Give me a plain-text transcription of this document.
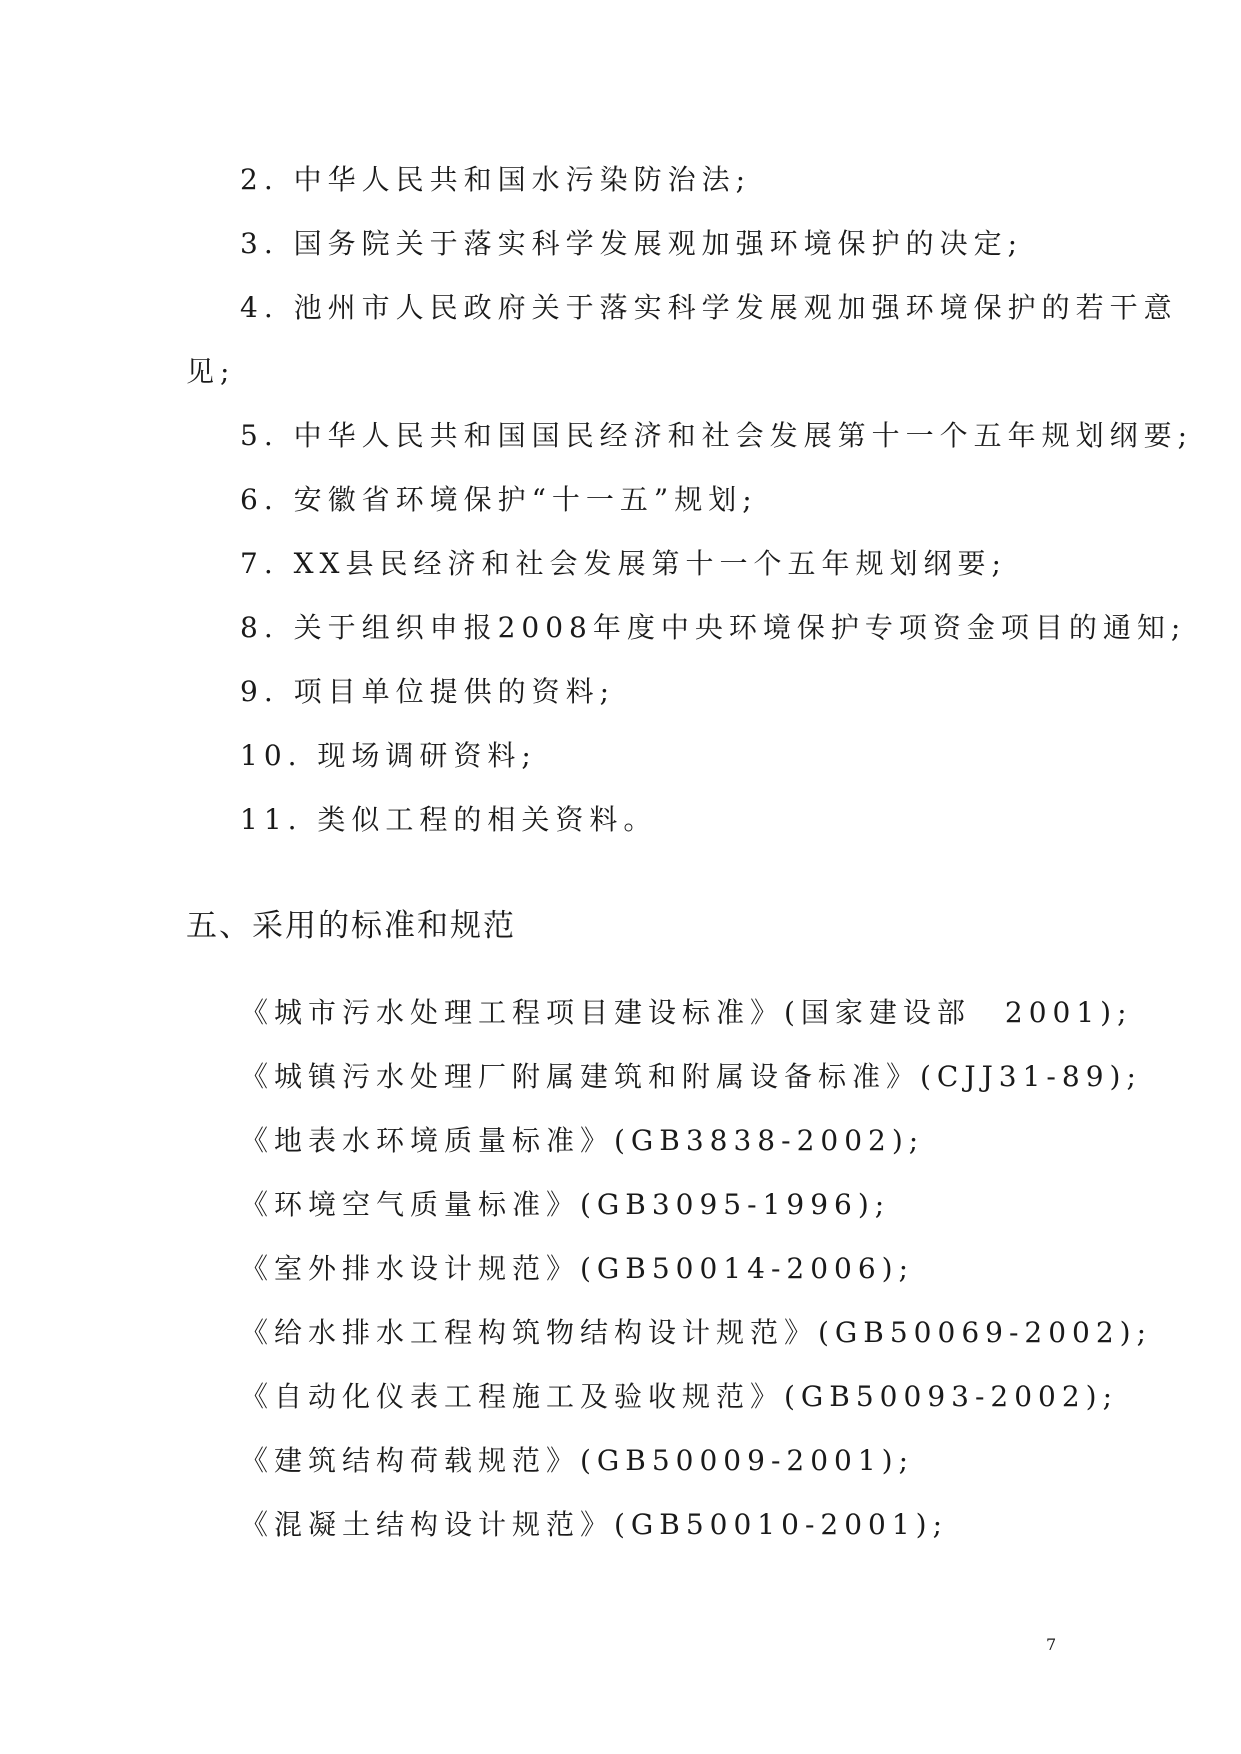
2. 中华人民共和国水污染防治法;

3. 国务院关于落实科学发展观加强环境保护的决定;

4. 池州市人民政府关于落实科学发展观加强环境保护的若干意

见;

5. 中华人民共和国国民经济和社会发展第十一个五年规划纲要;

6. 安徽省环境保护“十一五”规划;

7. XX县民经济和社会发展第十一个五年规划纲要;

8. 关于组织申报2008年度中央环境保护专项资金项目的通知;

9. 项目单位提供的资料;

10. 现场调研资料;

11. 类似工程的相关资料。

五、采用的标准和规范

《城市污水处理工程项目建设标准》(国家建设部　2001);

《城镇污水处理厂附属建筑和附属设备标准》(CJJ31-89);

《地表水环境质量标准》(GB3838-2002);

《环境空气质量标准》(GB3095-1996);

《室外排水设计规范》(GB50014-2006);

《给水排水工程构筑物结构设计规范》(GB50069-2002);

《自动化仪表工程施工及验收规范》(GB50093-2002);

《建筑结构荷载规范》(GB50009-2001);

《混凝土结构设计规范》(GB50010-2001);

7
